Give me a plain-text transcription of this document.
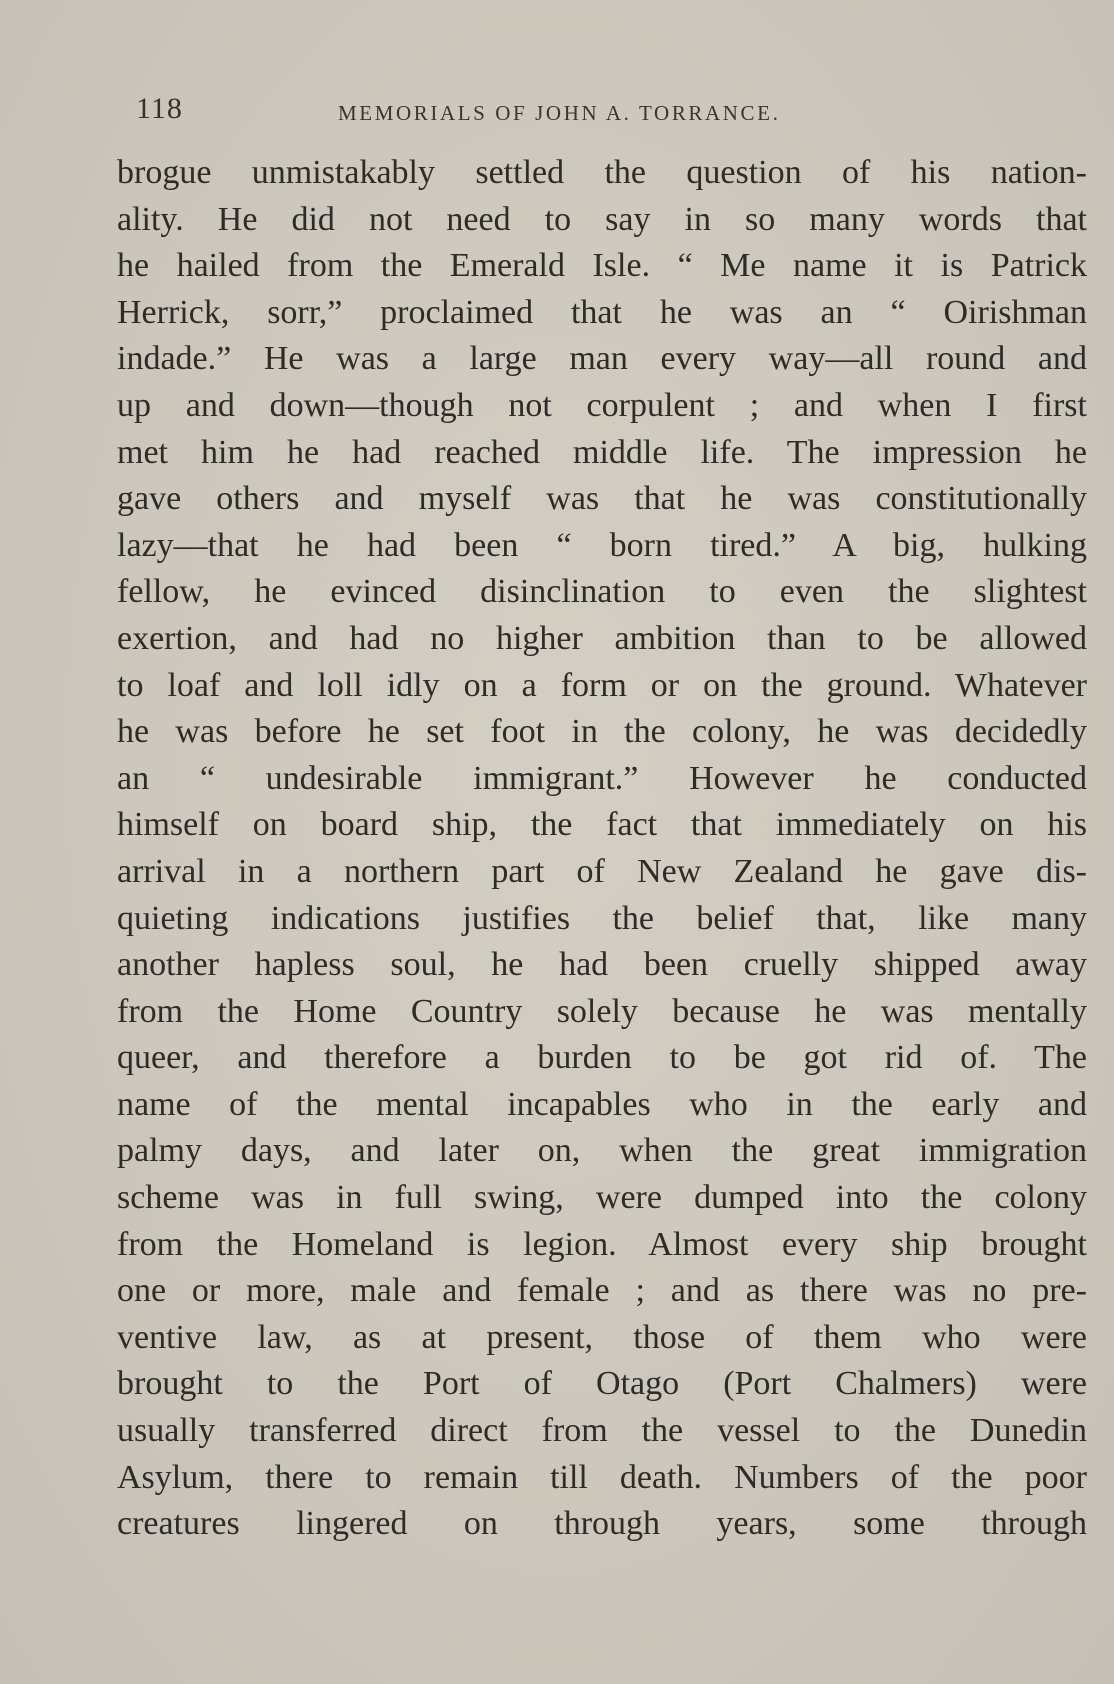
118	MEMORIALS OF JOHN A. TORRANCE.
brogue unmistakably settled the question of his nation-
ality. He did not need to say in so many words that
he hailed from the Emerald Isle. “ Me name it is Patrick
Herrick, sorr,” proclaimed that he was an “ Oirishman
indade.” He was a large man every way—all round and
up and down—though not corpulent ; and when I first
met him he had reached middle life. The impression he
gave others and myself was that he was constitutionally
lazy—that he had been “ born tired.” A big, hulking
fellow, he evinced disinclination to even the slightest
exertion, and had no higher ambition than to be allowed
to loaf and loll idly on a form or on the ground. Whatever
he was before he set foot in the colony, he was decidedly
an “ undesirable immigrant.” However he conducted
himself on board ship, the fact that immediately on his
arrival in a northern part of New Zealand he gave dis-
quieting indications justifies the belief that, like many
another hapless soul, he had been cruelly shipped away
from the Home Country solely because he was mentally
queer, and therefore a burden to be got rid of. The
name of the mental incapables who in the early and
palmy days, and later on, when the great immigration
scheme was in full swing, were dumped into the colony
from the Homeland is legion. Almost every ship brought
one or more, male and female ; and as there was no pre-
ventive law, as at present, those of them who were
brought to the Port of Otago (Port Chalmers) were
usually transferred direct from the vessel to the Dunedin
Asylum, there to remain till death. Numbers of the poor
creatures lingered on through years, some through
